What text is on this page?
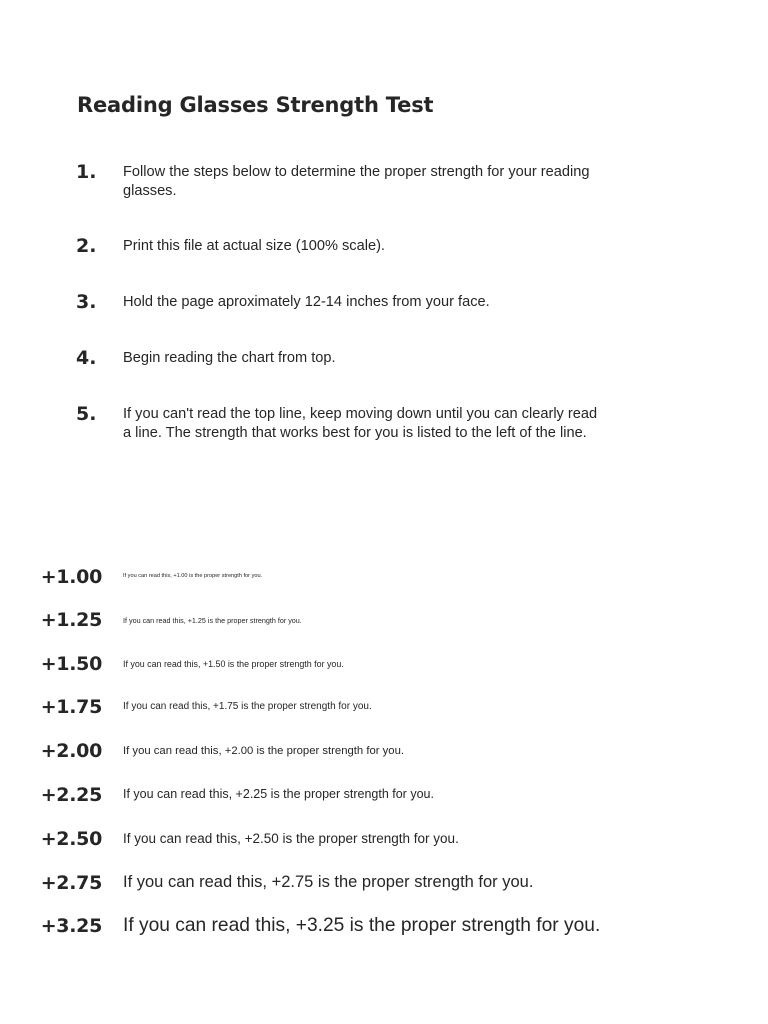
Reading Glasses Strength Test
1. Follow the steps below to determine the proper strength for your reading glasses.
2. Print this file at actual size (100% scale).
3. Hold the page aproximately 12-14 inches from your face.
4. Begin reading the chart from top.
5. If you can't read the top line, keep moving down until you can clearly read a line. The strength that works best for you is listed to the left of the line.
+1.00	If you can read this, +1.00 is the proper strength for you.
+1.25	If you can read this, +1.25 is the proper strength for you.
+1.50 If you can read this, +1.50 is the proper strength for you.
+1.75 If you can read this, +1.75 is the proper strength for you.
+2.00 If you can read this, +2.00 is the proper strength for you.
+2.25 If you can read this, +2.25 is the proper strength for you.
+2.50 If you can read this, +2.50 is the proper strength for you.
+2.75 If you can read this, +2.75 is the proper strength for you.
+3.25 If you can read this, +3.25 is the proper strength for you.
